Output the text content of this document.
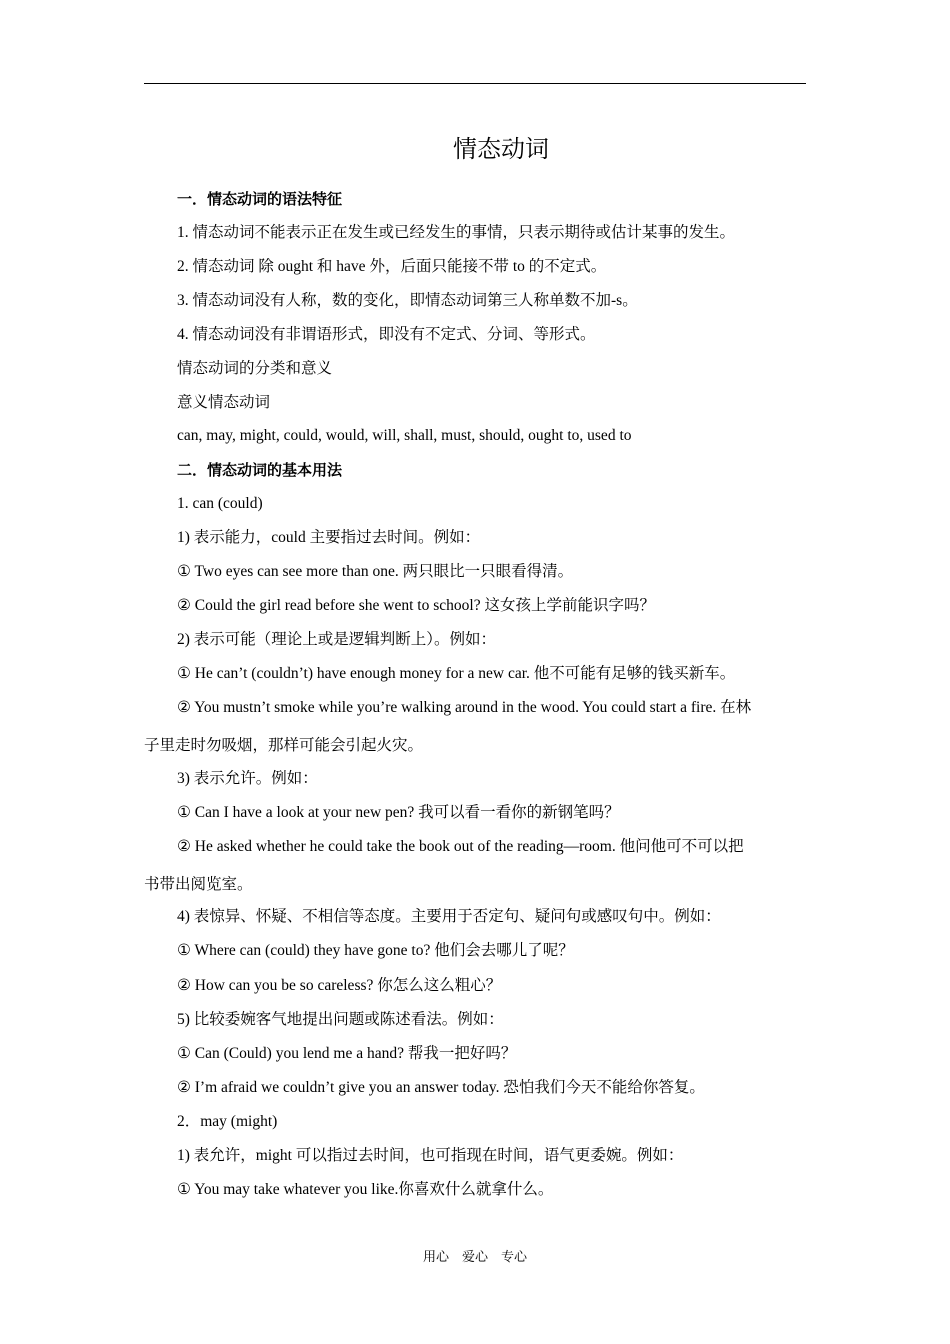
情态动词
一．情态动词的语法特征
1. 情态动词不能表示正在发生或已经发生的事情，只表示期待或估计某事的发生。
2. 情态动词 除 ought 和 have 外，后面只能接不带 to 的不定式。
3. 情态动词没有人称，数的变化，即情态动词第三人称单数不加-s。
4. 情态动词没有非谓语形式，即没有不定式、分词、等形式。
情态动词的分类和意义
意义情态动词
can, may, might, could, would, will, shall, must, should, ought to, used to
二．情态动词的基本用法
1. can (could)
1) 表示能力，could 主要指过去时间。例如：
① Two eyes can see more than one. 两只眼比一只眼看得清。
② Could the girl read before she went to school? 这女孩上学前能识字吗？
2) 表示可能（理论上或是逻辑判断上）。例如：
① He can’t (couldn’t) have enough money for a new car. 他不可能有足够的钱买新车。
② You mustn’t smoke while you’re walking around in the wood. You could start a fire. 在林
子里走时勿吸烟，那样可能会引起火灾。
3) 表示允许。例如：
① Can I have a look at your new pen? 我可以看一看你的新钢笔吗？
② He asked whether he could take the book out of the reading—room. 他问他可不可以把
书带出阅览室。
4) 表惊异、怀疑、不相信等态度。主要用于否定句、疑问句或感叹句中。例如：
① Where can (could) they have gone to? 他们会去哪儿了呢？
② How can you be so careless? 你怎么这么粗心？
5) 比较委婉客气地提出问题或陈述看法。例如：
① Can (Could) you lend me a hand? 帮我一把好吗？
② I’m afraid we couldn’t give you an answer today. 恐怕我们今天不能给你答复。
2．may (might)
1) 表允许，might 可以指过去时间，也可指现在时间，语气更委婉。例如：
① You may take whatever you like.你喜欢什么就拿什么。
用心    爱心    专心
